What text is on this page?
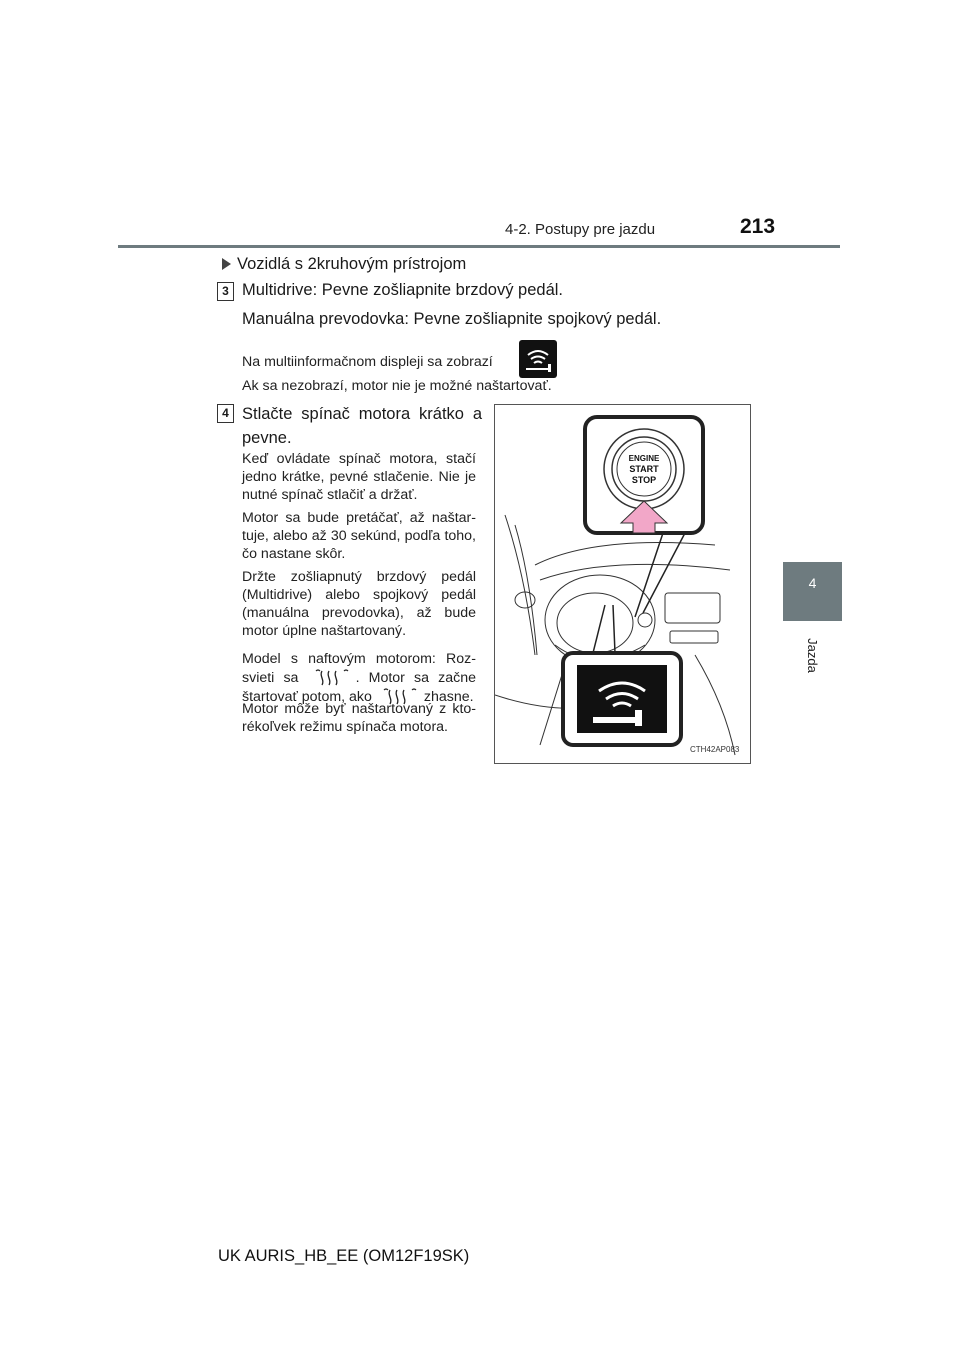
4-2. Postupy pre jazdu	213
4
Jazda
Vozidlá s 2kruhovým prístrojom
3 Multidrive: Pevne zošliapnite brzdový pedál.
Manuálna prevodovka: Pevne zošliapnite spojkový pedál.
Na multiinformačnom displeji sa zobrazí
Ak sa nezobrazí, motor nie je možné naštartovať.
4 Stlačte spínač motora krátko a pevne.
Keď ovládate spínač motora, stačí jedno krátke, pevné stlačenie. Nie je nutné spínač stlačiť a držať.
Motor sa bude pretáčať, až naštar-tuje, alebo až 30 sekúnd, podľa toho, čo nastane skôr.
Držte zošliapnutý brzdový pedál (Multidrive) alebo spojkový pedál (manuálna prevodovka), až bude motor úplne naštartovaný.
Model s naftovým motorom: Roz-svieti sa	. Motor sa začne štartovať potom, ako	zhasne.
Motor môže byť naštartovaný z kto-rékoľvek režimu spínača motora.
ENGINE
START
STOP
CTH42AP083
UK AURIS_HB_EE (OM12F19SK)
